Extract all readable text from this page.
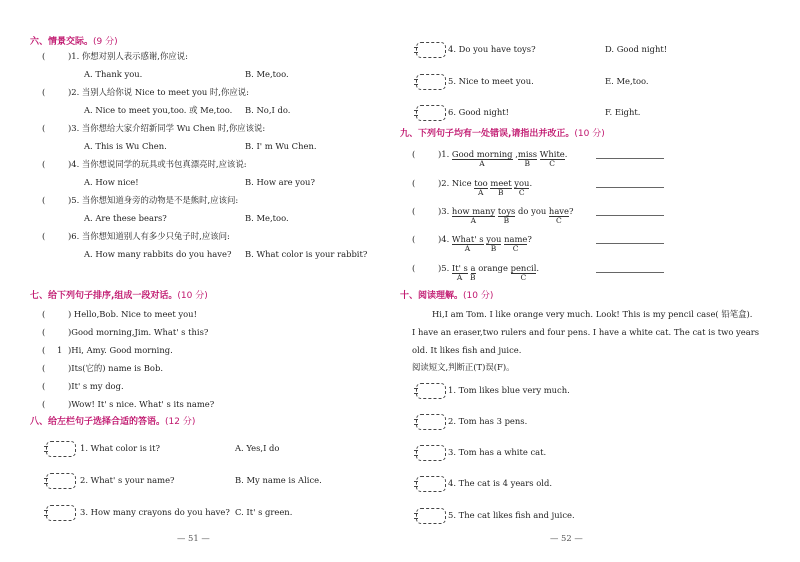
六、情景交际。(9 分)
(	)1. 你想对别人表示感谢,你应说:
A. Thank you.	B. Me,too.
(	)2. 当别人给你说 Nice to meet you 时,你应说:
A. Nice to meet you,too. 或 Me,too. B. No,I do.
(	)3. 当你想给大家介绍新同学 Wu Chen 时,你应该说:
A. This is Wu Chen.	B. I' m Wu Chen.
(	)4. 当你想说同学的玩具或书包真漂亮时,应该说:
A. How nice!	B. How are you?
(	)5. 当你想知道身旁的动物是不是熊时,应该问:
A. Are these bears?	B. Me,too.
(	)6. 当你想知道别人有多少只兔子时,应该问:
A. How many rabbits do you have? B. What color is your rabbit?
七、给下列句子排序,组成一段对话。(10 分)
(	) Hello,Bob. Nice to meet you!
(	)Good morning,Jim. What' s this?
( 1 )Hi, Amy. Good morning.
(	)Its(它的) name is Bob.
(	)It' s my dog.
(	)Wow! It' s nice. What' s its name?
八、给左栏句子选择合适的答语。(12 分)
1. What color is it?	A. Yes,I do
2. What' s your name?	B. My name is Alice.
3. How many crayons do you have? C. It' s green.
— 51 —
4. Do you have toys?	D. Good night!
5. Nice to meet you.	E. Me,too.
6. Good night!	F. Eight.
九、下列句子均有一处错误,请指出并改正。(10 分)
(	)1. Good morning ,miss White.
A	B	C
(	)2. Nice too meet you.
A B C
(	)3. how many toys do you have?
A	B	C
(	)4. What' s you name?
A	B C
(	)5. It' s a orange pencil.
A B	C
十、阅读理解。(10 分)
Hi,I am Tom. I like orange very much. Look! This is my pencil case( 铅笔盒).
I have an eraser,two rulers and four pens. I have a white cat. The cat is two years
old. It likes fish and juice.
阅读短文,判断正(T)误(F)。
1. Tom likes blue very much.
2. Tom has 3 pens.
3. Tom has a white cat.
4. The cat is 4 years old.
5. The cat likes fish and juice.
— 52 —
